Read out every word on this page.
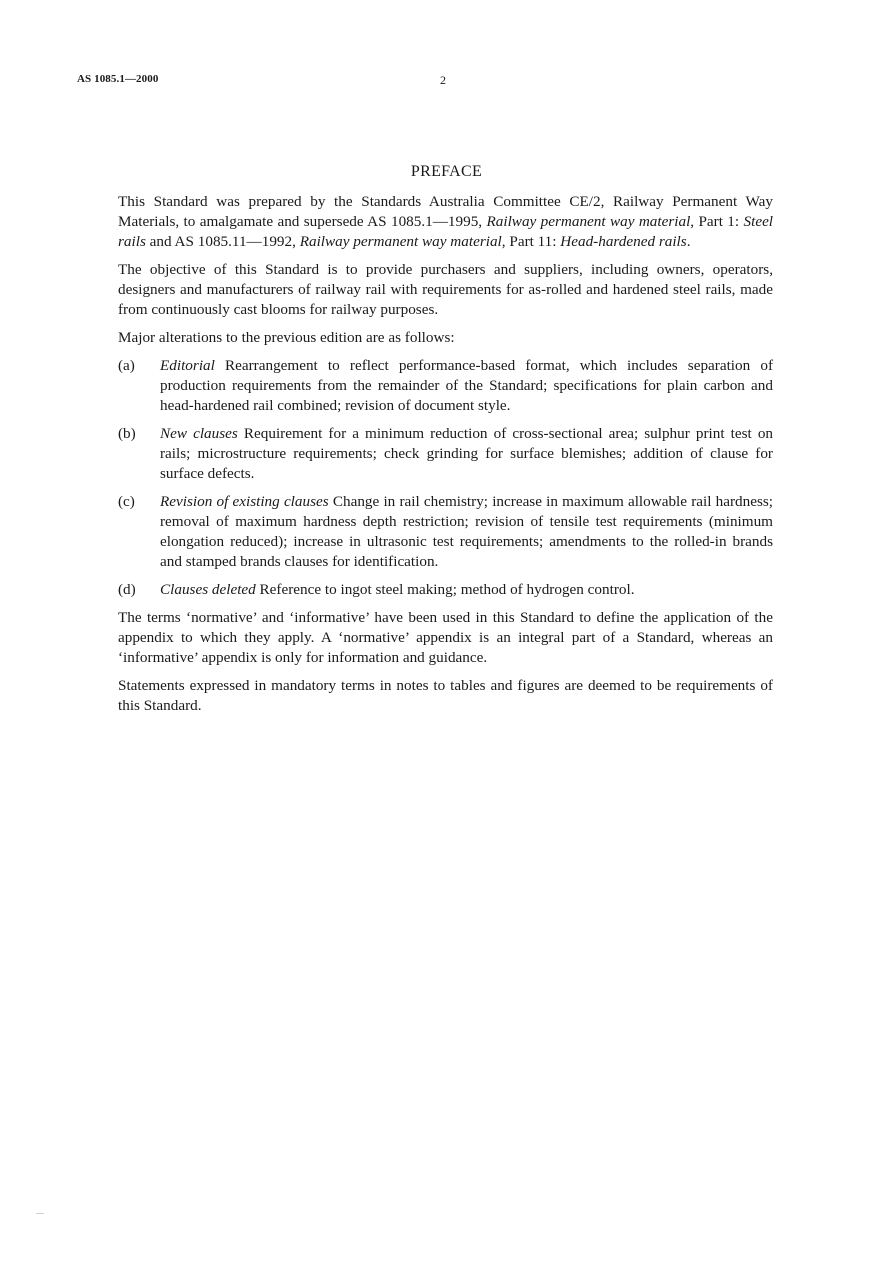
AS 1085.1—2000	2
PREFACE

This Standard was prepared by the Standards Australia Committee CE/2, Railway Permanent Way Materials, to amalgamate and supersede AS 1085.1—1995, Railway permanent way material, Part 1: Steel rails and AS 1085.11—1992, Railway permanent way material, Part 11: Head-hardened rails.

The objective of this Standard is to provide purchasers and suppliers, including owners, operators, designers and manufacturers of railway rail with requirements for as-rolled and hardened steel rails, made from continuously cast blooms for railway purposes.

Major alterations to the previous edition are as follows:

(a)	Editorial Rearrangement to reflect performance-based format, which includes separation of production requirements from the remainder of the Standard; specifications for plain carbon and head-hardened rail combined; revision of document style.
(b)	New clauses Requirement for a minimum reduction of cross-sectional area; sulphur print test on rails; microstructure requirements; check grinding for surface blemishes; addition of clause for surface defects.
(c)	Revision of existing clauses Change in rail chemistry; increase in maximum allowable rail hardness; removal of maximum hardness depth restriction; revision of tensile test requirements (minimum elongation reduced); increase in ultrasonic test requirements; amendments to the rolled-in brands and stamped brands clauses for identification.
(d)	Clauses deleted Reference to ingot steel making; method of hydrogen control.

The terms ‘normative’ and ‘informative’ have been used in this Standard to define the application of the appendix to which they apply. A ‘normative’ appendix is an integral part of a Standard, whereas an ‘informative’ appendix is only for information and guidance.

Statements expressed in mandatory terms in notes to tables and figures are deemed to be requirements of this Standard.
